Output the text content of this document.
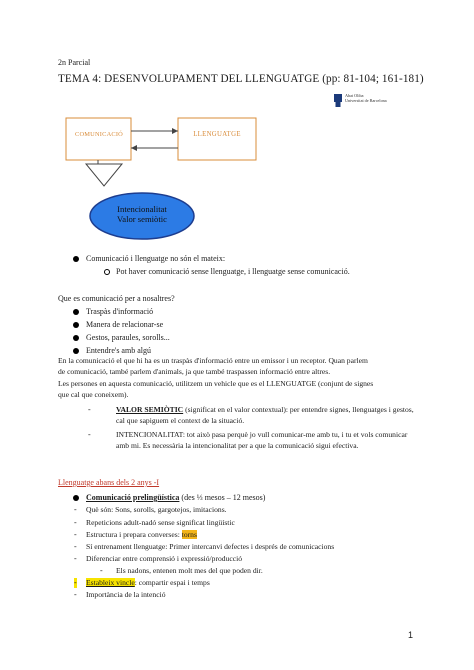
2n Parcial
TEMA 4: DESENVOLUPAMENT DEL LLENGUATGE (pp: 81-104; 161-181)
Abat Oliba
Universitat de Barcelona
COMUNICACIÓ	LLENGUATGE
Intencionalitat
Valor semiòtic
Comunicació i llenguatge no són el mateix:
Pot haver comunicació sense llenguatge, i llenguatge sense comunicació.
Que es comunicació per a nosaltres?
Traspàs d'informació
Manera de relacionar-se
Gestos, paraules, sorolls...
Entendre's amb algú
En la comunicació el que hi ha es un traspàs d'informació entre un emissor i un receptor. Quan parlem
de comunicació, també parlem d'animals, ja que també traspassen informació entre altres.
Les persones en aquesta comunicació, utilitzem un vehicle que es el LLENGUATGE (conjunt de signes
que cal que coneixem).
-	VALOR SEMIÒTIC (significat en el valor contextual): per entendre signes, llenguatges i gestos,
cal que sapiguem el context de la situació.
-	INTENCIONALITAT: tot això pasa perquè jo vull comunicar-me amb tu, i tu et vols comunicar
amb mi. Es necessària la intencionalitat per a que la comunicació sigui efectiva.
Llenguatge abans dels 2 anys -I
Comunicació prelingüística (des ⅓ mesos – 12 mesos)
- Què són: Sons, sorolls, gargotejos, imitacions.
- Repeticions adult-nadó sense significat lingüístic
- Estructura i prepara converses: torns
- Sí entrenament llenguatge: Primer intercanvi defectes i després de comunicacions
- Diferenciar entre comprensió i expressió/producció
- Els nadons, entenen molt mes del que poden dir.
- Estableix vincle: compartir espai i temps
- Importància de la intenció
1
